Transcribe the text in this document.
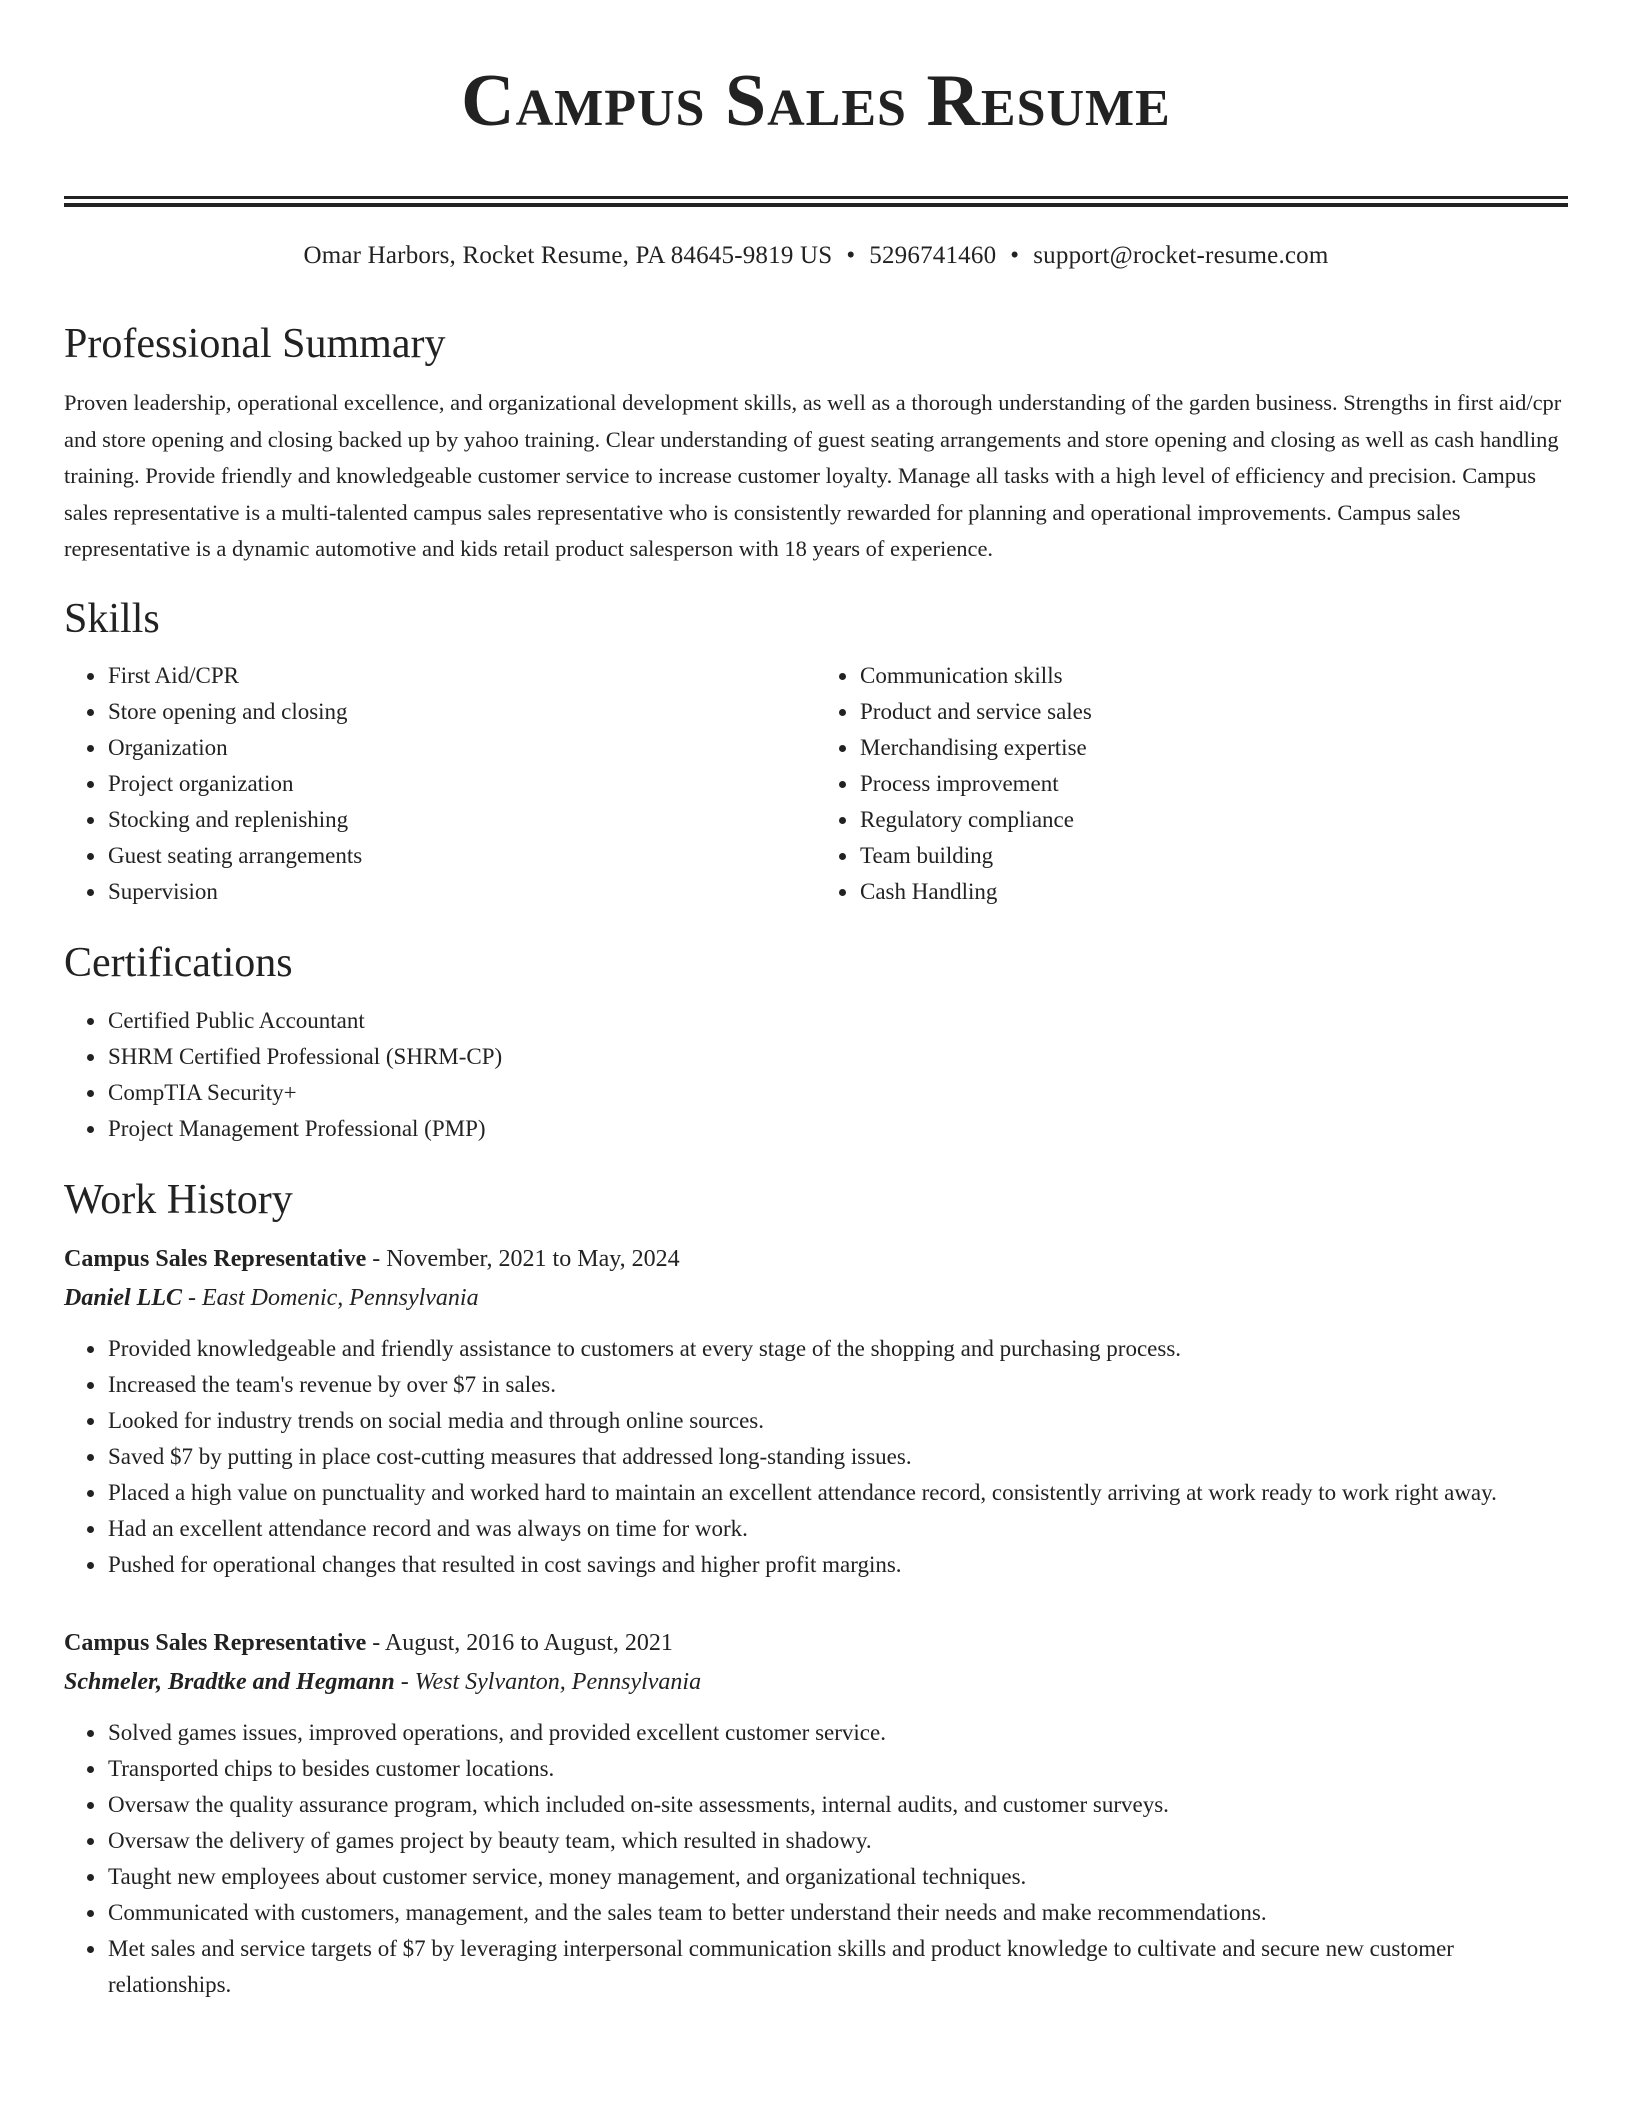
Campus Sales Resume
Omar Harbors, Rocket Resume, PA 84645-9819 US • 5296741460 • support@rocket-resume.com
Professional Summary
Proven leadership, operational excellence, and organizational development skills, as well as a thorough understanding of the garden business. Strengths in first aid/cpr and store opening and closing backed up by yahoo training. Clear understanding of guest seating arrangements and store opening and closing as well as cash handling training. Provide friendly and knowledgeable customer service to increase customer loyalty. Manage all tasks with a high level of efficiency and precision. Campus sales representative is a multi-talented campus sales representative who is consistently rewarded for planning and operational improvements. Campus sales representative is a dynamic automotive and kids retail product salesperson with 18 years of experience.
Skills
• First Aid/CPR
• Store opening and closing
• Organization
• Project organization
• Stocking and replenishing
• Guest seating arrangements
• Supervision
• Communication skills
• Product and service sales
• Merchandising expertise
• Process improvement
• Regulatory compliance
• Team building
• Cash Handling
Certifications
• Certified Public Accountant
• SHRM Certified Professional (SHRM-CP)
• CompTIA Security+
• Project Management Professional (PMP)
Work History
Campus Sales Representative - November, 2021 to May, 2024
Daniel LLC - East Domenic, Pennsylvania
• Provided knowledgeable and friendly assistance to customers at every stage of the shopping and purchasing process.
• Increased the team's revenue by over $7 in sales.
• Looked for industry trends on social media and through online sources.
• Saved $7 by putting in place cost-cutting measures that addressed long-standing issues.
• Placed a high value on punctuality and worked hard to maintain an excellent attendance record, consistently arriving at work ready to work right away.
• Had an excellent attendance record and was always on time for work.
• Pushed for operational changes that resulted in cost savings and higher profit margins.
Campus Sales Representative - August, 2016 to August, 2021
Schmeler, Bradtke and Hegmann - West Sylvanton, Pennsylvania
• Solved games issues, improved operations, and provided excellent customer service.
• Transported chips to besides customer locations.
• Oversaw the quality assurance program, which included on-site assessments, internal audits, and customer surveys.
• Oversaw the delivery of games project by beauty team, which resulted in shadowy.
• Taught new employees about customer service, money management, and organizational techniques.
• Communicated with customers, management, and the sales team to better understand their needs and make recommendations.
• Met sales and service targets of $7 by leveraging interpersonal communication skills and product knowledge to cultivate and secure new customer relationships.
